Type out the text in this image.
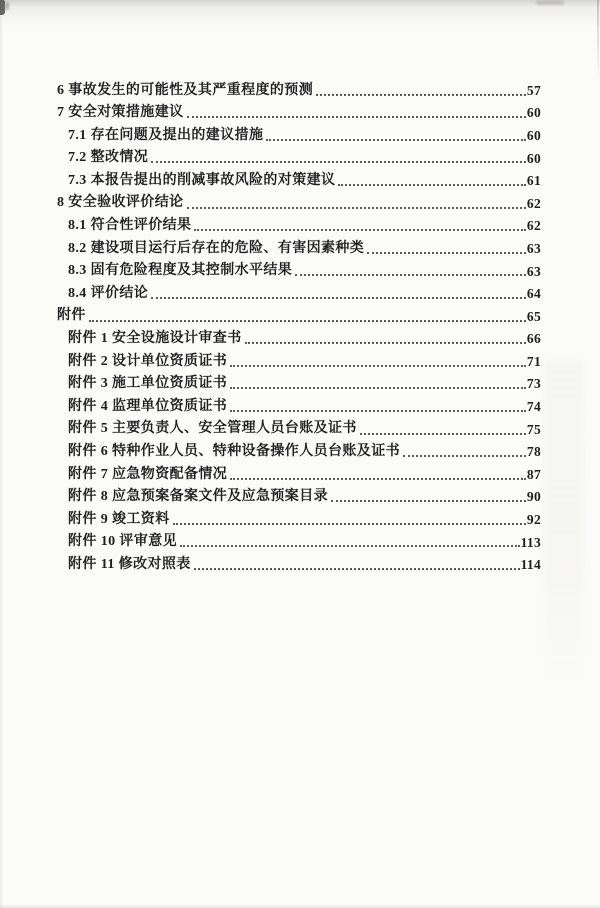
6 事故发生的可能性及其严重程度的预测	57
7 安全对策措施建议	60
7.1 存在问题及提出的建议措施	60
7.2 整改情况	60
7.3 本报告提出的削减事故风险的对策建议	61
8 安全验收评价结论	62
8.1 符合性评价结果	62
8.2 建设项目运行后存在的危险、有害因素种类	63
8.3 固有危险程度及其控制水平结果	63
8.4 评价结论	64
附件	65
附件 1 安全设施设计审查书	66
附件 2 设计单位资质证书	71
附件 3 施工单位资质证书	73
附件 4 监理单位资质证书	74
附件 5 主要负责人、安全管理人员台账及证书	75
附件 6 特种作业人员、特种设备操作人员台账及证书	78
附件 7 应急物资配备情况	87
附件 8 应急预案备案文件及应急预案目录	90
附件 9 竣工资料	92
附件 10 评审意见	113
附件 11 修改对照表	114
